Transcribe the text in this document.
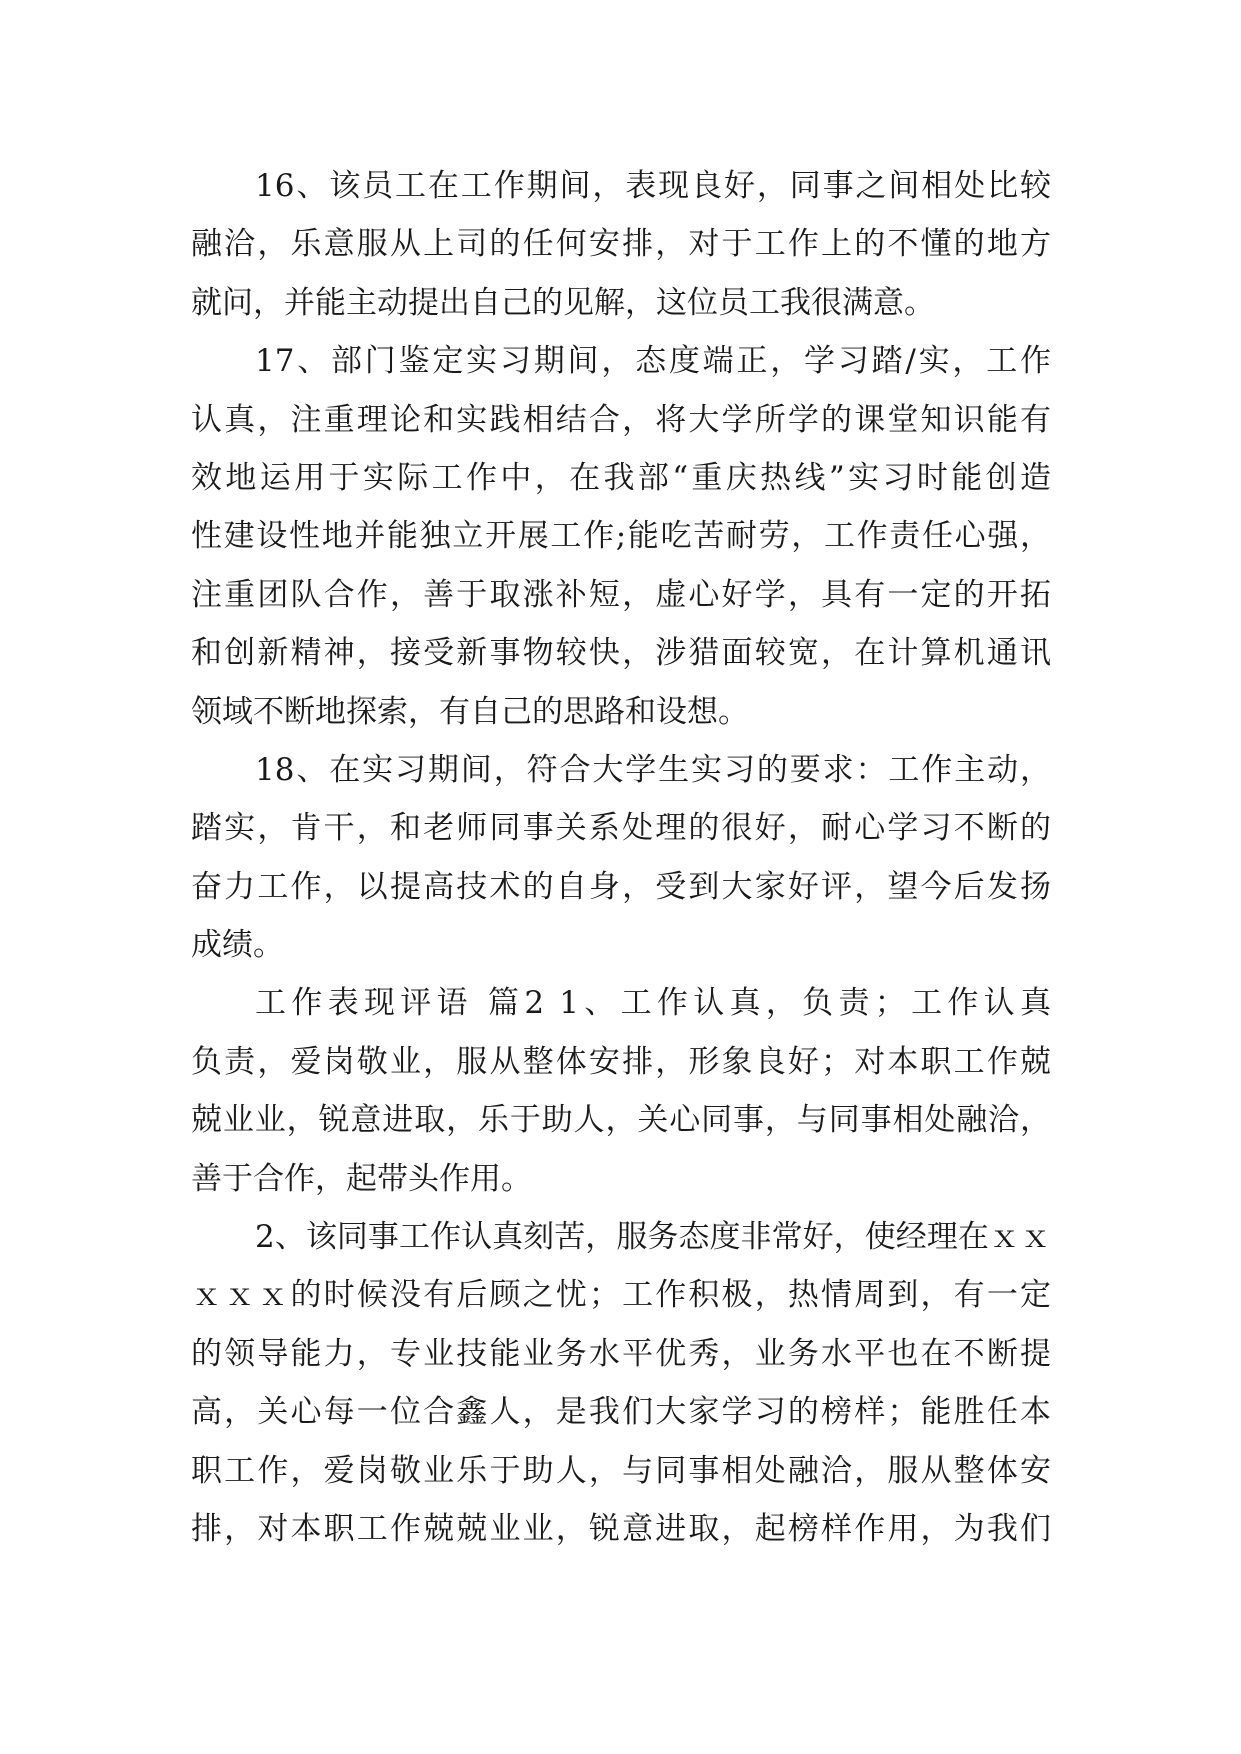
16、该员工在工作期间，表现良好，同事之间相处比较
融洽，乐意服从上司的任何安排，对于工作上的不懂的地方
就问，并能主动提出自己的见解，这位员工我很满意。
17、部门鉴定实习期间，态度端正，学习踏/实，工作
认真，注重理论和实践相结合，将大学所学的课堂知识能有
效地运用于实际工作中，在我部“重庆热线”实习时能创造
性建设性地并能独立开展工作;能吃苦耐劳，工作责任心强，
注重团队合作，善于取涨补短，虚心好学，具有一定的开拓
和创新精神，接受新事物较快，涉猎面较宽，在计算机通讯
领域不断地探索，有自己的思路和设想。
18、在实习期间，符合大学生实习的要求：工作主动，
踏实，肯干，和老师同事关系处理的很好，耐心学习不断的
奋力工作，以提高技术的自身，受到大家好评，望今后发扬
成绩。
工作表现评语 篇2 1、工作认真，负责；工作认真
负责，爱岗敬业，服从整体安排，形象良好；对本职工作兢
兢业业，锐意进取，乐于助人，关心同事，与同事相处融洽，
善于合作，起带头作用。
2、该同事工作认真刻苦，服务态度非常好，使经理在ｘｘ
ｘｘｘ的时候没有后顾之忧；工作积极，热情周到，有一定
的领导能力，专业技能业务水平优秀，业务水平也在不断提
高，关心每一位合鑫人，是我们大家学习的榜样；能胜任本
职工作，爱岗敬业乐于助人，与同事相处融洽，服从整体安
排，对本职工作兢兢业业，锐意进取，起榜样作用，为我们
